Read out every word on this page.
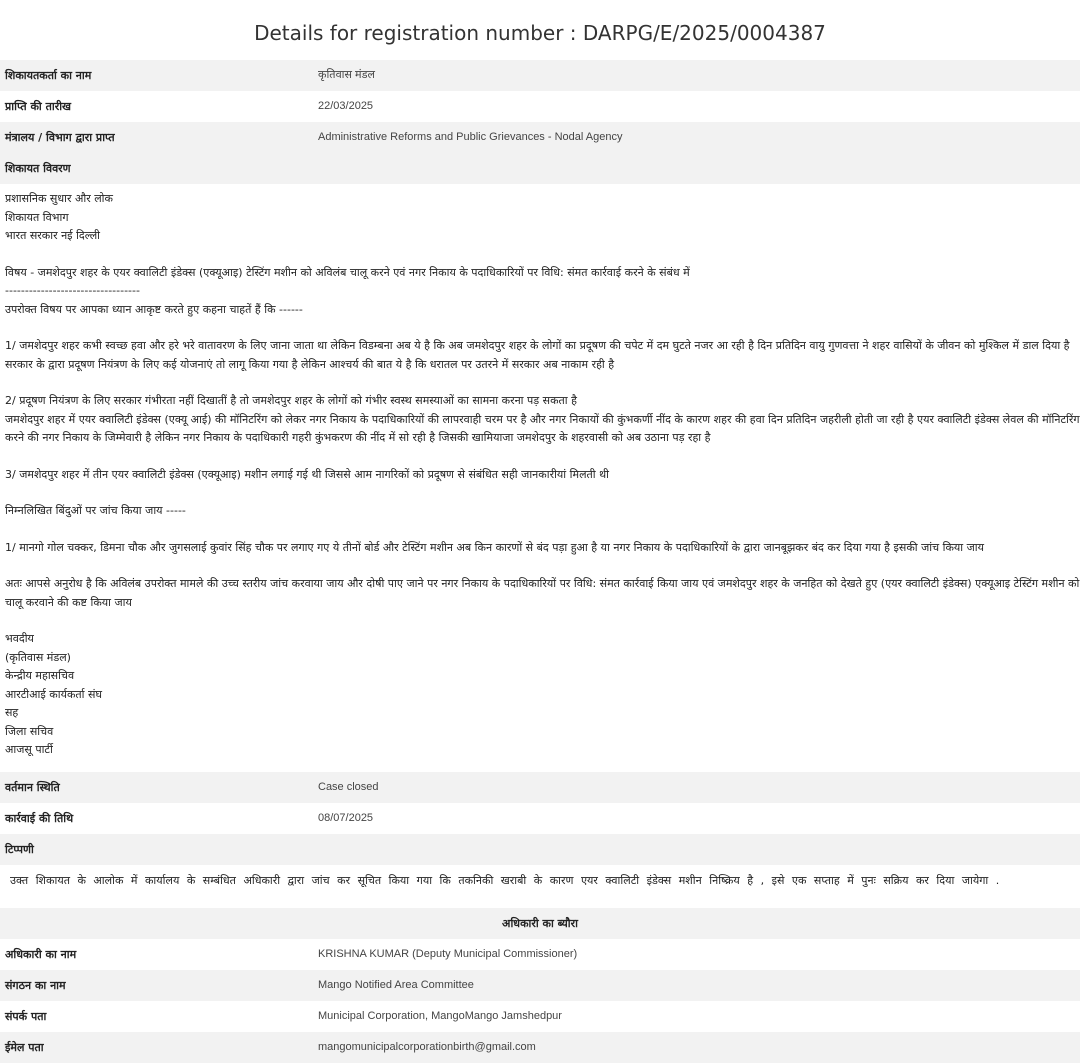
Details for registration number : DARPG/E/2025/0004387
शिकायतकर्ता का नाम	कृतिवास मंडल
प्राप्ति की तारीख	22/03/2025
मंत्रालय / विभाग द्वारा प्राप्त	Administrative Reforms and Public Grievances - Nodal Agency
शिकायत विवरण

प्रशासनिक सुधार और लोक
शिकायत विभाग
भारत सरकार नई दिल्ली

विषय - जमशेदपुर शहर के एयर क्वालिटी इंडेक्स (एक्यूआइ) टेस्टिंग मशीन को अविलंब चालू करने एवं नगर निकाय के पदाधिकारियों पर विधि: संमत कार्रवाई करने के संबंध में
----------------------------------
उपरोक्त विषय पर आपका ध्यान आकृष्ट करते हुए कहना चाहतें हैं कि ------

1/ जमशेदपुर शहर कभी स्वच्छ हवा और हरे भरे वातावरण के लिए जाना जाता था लेकिन विडम्बना अब ये है कि अब जमशेदपुर शहर के लोगों का प्रदूषण की चपेट में दम घुटते नजर आ रही है दिन प्रतिदिन वायु गुणवत्ता ने शहर वासियों के जीवन को मुश्किल में डाल दिया है सरकार के द्वारा प्रदूषण नियंत्रण के लिए कई योजनाएं तो लागू किया गया है लेकिन आश्चर्य की बात ये है कि धरातल पर उतरने में सरकार अब नाकाम रही है

2/ प्रदूषण नियंत्रण के लिए सरकार गंभीरता नहीं दिखातीं है तो जमशेदपुर शहर के लोगों को गंभीर स्वस्थ समस्याओं का सामना करना पड़ सकता है
जमशेदपुर शहर में एयर क्वालिटी इंडेक्स (एक्यू आई) की मॉनिटरिंग को लेकर नगर निकाय के पदाधिकारियों की लापरवाही चरम पर है और नगर निकायों की कुंभकर्णी नींद के कारण शहर की हवा दिन प्रतिदिन जहरीली होती जा रही है एयर क्वालिटी इंडेक्स लेवल की मॉनिटरिंग करने की नगर निकाय के जिम्मेवारी है लेकिन नगर निकाय के पदाधिकारी गहरी कुंभकरण की नींद में सो रही है जिसकी खामियाजा जमशेदपुर के शहरवासी को अब उठाना पड़ रहा है

3/ जमशेदपुर शहर में तीन एयर क्वालिटी इंडेक्स (एक्यूआइ) मशीन लगाई गई थी जिससे आम नागरिकों को प्रदूषण से संबंधित सही जानकारीयां मिलती थी

निम्नलिखित बिंदुओं पर जांच किया जाय -----

1/ मानगो गोल चक्कर, डिमना चौक और जुगसलाई कुवांर सिंह चौक पर लगाए गए ये तीनों बोर्ड और टेस्टिंग मशीन अब किन कारणों से बंद पड़ा हुआ है या नगर निकाय के पदाधिकारियों के द्वारा जानबूझकर बंद कर दिया गया है इसकी जांच किया जाय

अतः आपसे अनुरोध है कि अविलंब उपरोक्त मामले की उच्च स्तरीय जांच करवाया जाय और दोषी पाए जाने पर नगर निकाय के पदाधिकारियों पर विधि: संमत कार्रवाई किया जाय एवं जमशेदपुर शहर के जनहित को देखते हुए (एयर क्वालिटी इंडेक्स) एक्यूआइ टेस्टिंग मशीन को चालू करवाने की कष्ट किया जाय

भवदीय
(कृतिवास मंडल)
केन्द्रीय महासचिव
आरटीआई कार्यकर्ता संघ
सह
जिला सचिव
आजसू पार्टी

वर्तमान स्थिति	Case closed
कार्रवाई की तिथि	08/07/2025
टिप्पणी
उक्त शिकायत के आलोक में कार्यालय के सम्बंधित अधिकारी द्वारा जांच कर सूचित किया गया कि तकनिकी खराबी के कारण एयर क्वालिटी इंडेक्स मशीन निष्क्रिय है , इसे एक सप्ताह में पुनः सक्रिय कर दिया जायेगा .
अधिकारी का ब्यौरा
अधिकारी का नाम	KRISHNA KUMAR (Deputy Municipal Commissioner)
संगठन का नाम	Mango Notified Area Committee
संपर्क पता	Municipal Corporation, MangoMango Jamshedpur
ईमेल पता	mangomunicipalcorporationbirth@gmail.com
